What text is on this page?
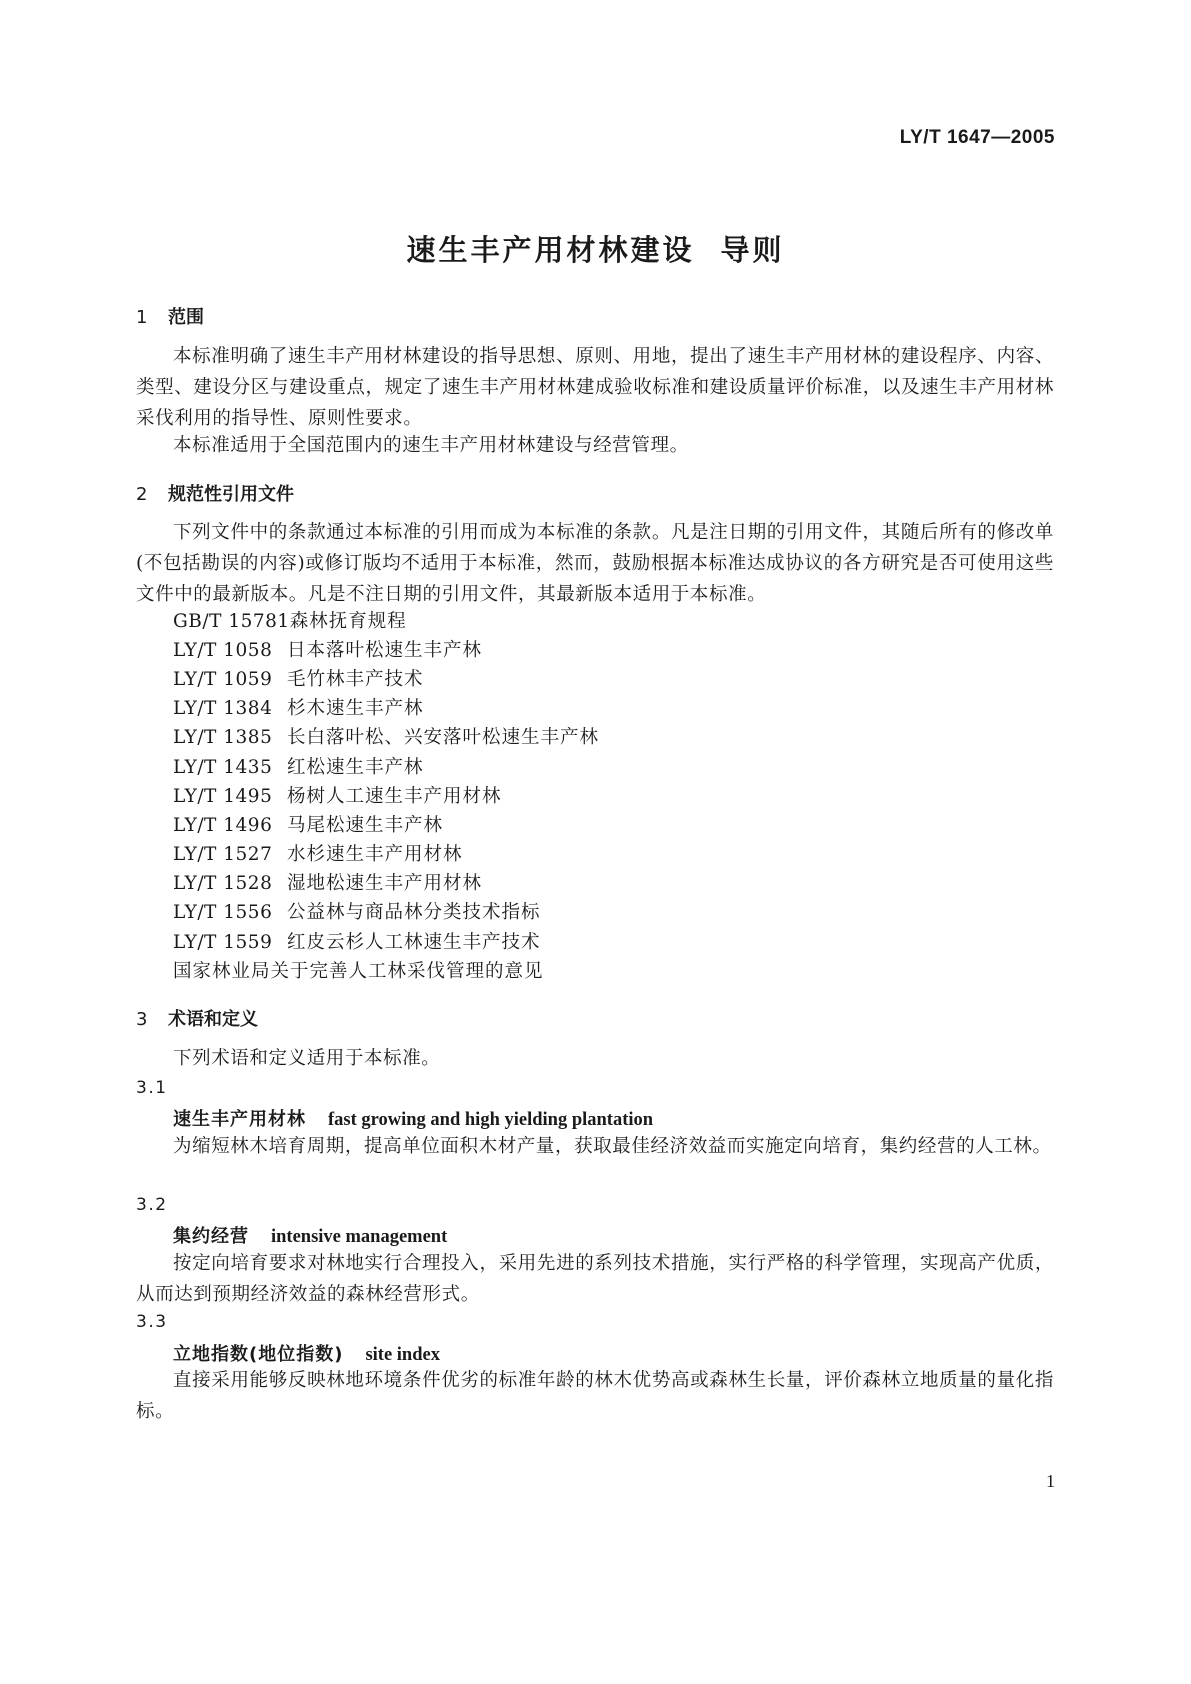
LY/T 1647—2005
速生丰产用材林建设 导则
1 范围
本标准明确了速生丰产用材林建设的指导思想、原则、用地，提出了速生丰产用材林的建设程序、内容、类型、建设分区与建设重点，规定了速生丰产用材林建成验收标准和建设质量评价标准，以及速生丰产用材林采伐利用的指导性、原则性要求。
本标准适用于全国范围内的速生丰产用材林建设与经营管理。
2 规范性引用文件
下列文件中的条款通过本标准的引用而成为本标准的条款。凡是注日期的引用文件，其随后所有的修改单(不包括勘误的内容)或修订版均不适用于本标准，然而，鼓励根据本标准达成协议的各方研究是否可使用这些文件中的最新版本。凡是不注日期的引用文件，其最新版本适用于本标准。
GB/T 15781森林抚育规程
LY/T 1058 日本落叶松速生丰产林
LY/T 1059 毛竹林丰产技术
LY/T 1384 杉木速生丰产林
LY/T 1385 长白落叶松、兴安落叶松速生丰产林
LY/T 1435 红松速生丰产林
LY/T 1495 杨树人工速生丰产用材林
LY/T 1496 马尾松速生丰产林
LY/T 1527 水杉速生丰产用材林
LY/T 1528 湿地松速生丰产用材林
LY/T 1556 公益林与商品林分类技术指标
LY/T 1559 红皮云杉人工林速生丰产技术
国家林业局关于完善人工林采伐管理的意见
3 术语和定义
下列术语和定义适用于本标准。
3.1
速生丰产用材林 fast growing and high yielding plantation
为缩短林木培育周期，提高单位面积木材产量，获取最佳经济效益而实施定向培育，集约经营的人工林。
3.2
集约经营 intensive management
按定向培育要求对林地实行合理投入，采用先进的系列技术措施，实行严格的科学管理，实现高产优质，从而达到预期经济效益的森林经营形式。
3.3
立地指数(地位指数) site index
直接采用能够反映林地环境条件优劣的标准年龄的林木优势高或森林生长量，评价森林立地质量的量化指标。
1
